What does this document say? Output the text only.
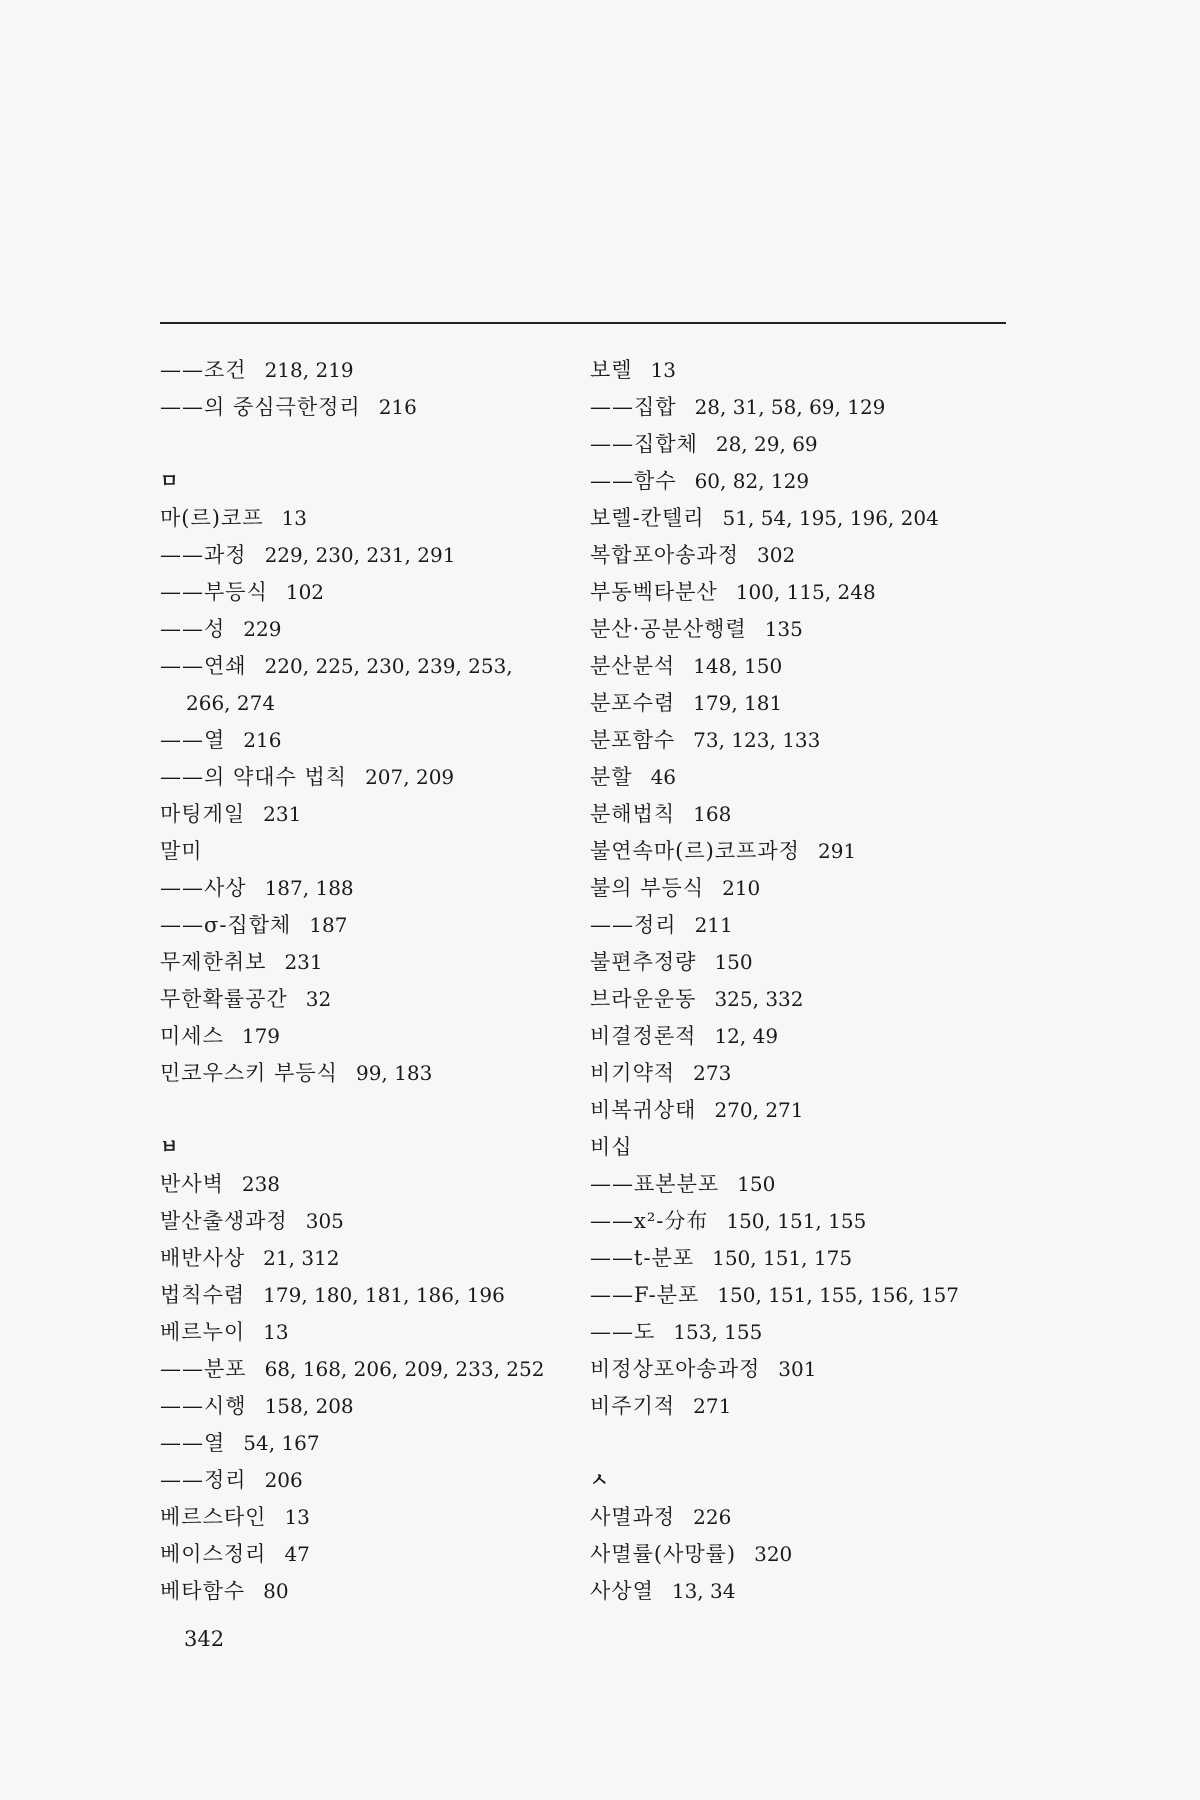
——조건 218, 219
——의 중심극한정리 216
ㅁ
마(르)코프 13
——과정 229, 230, 231, 291
——부등식 102
——성 229
——연쇄 220, 225, 230, 239, 253,
266, 274
——열 216
——의 약대수 법칙 207, 209
마팅게일 231
말미
——사상 187, 188
——σ-집합체 187
무제한취보 231
무한확률공간 32
미세스 179
민코우스키 부등식 99, 183
ㅂ
반사벽 238
발산출생과정 305
배반사상 21, 312
법칙수렴 179, 180, 181, 186, 196
베르누이 13
——분포 68, 168, 206, 209, 233, 252
——시행 158, 208
——열 54, 167
——정리 206
베르스타인 13
베이스정리 47
베타함수 80
보렐 13
——집합 28, 31, 58, 69, 129
——집합체 28, 29, 69
——함수 60, 82, 129
보렐-칸텔리 51, 54, 195, 196, 204
복합포아송과정 302
부동벡타분산 100, 115, 248
분산·공분산행렬 135
분산분석 148, 150
분포수렴 179, 181
분포함수 73, 123, 133
분할 46
분해법칙 168
불연속마(르)코프과정 291
불의 부등식 210
——정리 211
불편추정량 150
브라운운동 325, 332
비결정론적 12, 49
비기약적 273
비복귀상태 270, 271
비십
——표본분포 150
——x²-分布 150, 151, 155
——t-분포 150, 151, 175
——F-분포 150, 151, 155, 156, 157
——도 153, 155
비정상포아송과정 301
비주기적 271
ㅅ
사멸과정 226
사멸률(사망률) 320
사상열 13, 34
342
